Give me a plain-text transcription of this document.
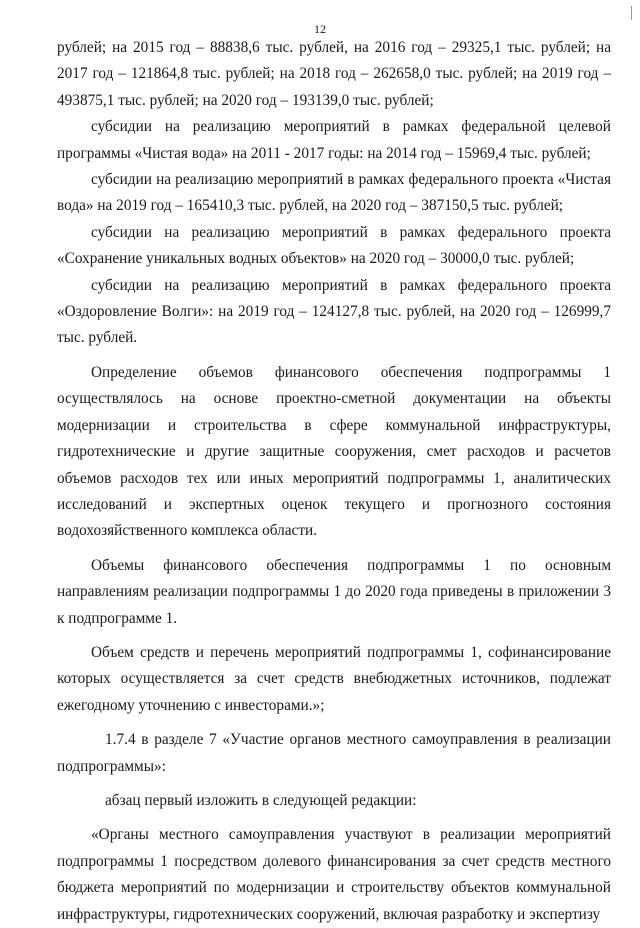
12

рублей; на 2015 год – 88838,6 тыс. рублей, на 2016 год – 29325,1 тыс. рублей; на 2017 год – 121864,8 тыс. рублей; на 2018 год – 262658,0 тыс. рублей; на 2019 год – 493875,1 тыс. рублей; на 2020 год – 193139,0 тыс. рублей;

субсидии на реализацию мероприятий в рамках федеральной целевой программы «Чистая вода» на 2011 - 2017 годы: на 2014 год – 15969,4 тыс. рублей;

субсидии на реализацию мероприятий в рамках федерального проекта «Чистая вода» на 2019 год – 165410,3 тыс. рублей, на 2020 год – 387150,5 тыс. рублей;

субсидии на реализацию мероприятий в рамках федерального проекта «Сохранение уникальных водных объектов» на 2020 год – 30000,0 тыс. рублей;

субсидии на реализацию мероприятий в рамках федерального проекта «Оздоровление Волги»: на 2019 год – 124127,8 тыс. рублей, на 2020 год – 126999,7 тыс. рублей.

Определение объемов финансового обеспечения подпрограммы 1 осуществлялось на основе проектно-сметной документации на объекты модернизации и строительства в сфере коммунальной инфраструктуры, гидротехнические и другие защитные сооружения, смет расходов и расчетов объемов расходов тех или иных мероприятий подпрограммы 1, аналитических исследований и экспертных оценок текущего и прогнозного состояния водохозяйственного комплекса области.

Объемы финансового обеспечения подпрограммы 1 по основным направлениям реализации подпрограммы 1 до 2020 года приведены в приложении 3 к подпрограмме 1.

Объем средств и перечень мероприятий подпрограммы 1, софинансирование которых осуществляется за счет средств внебюджетных источников, подлежат ежегодному уточнению с инвесторами.»;

1.7.4 в разделе 7 «Участие органов местного самоуправления в реализации подпрограммы»:

абзац первый изложить в следующей редакции:

«Органы местного самоуправления участвуют в реализации мероприятий подпрограммы 1 посредством долевого финансирования за счет средств местного бюджета мероприятий по модернизации и строительству объектов коммунальной инфраструктуры, гидротехнических сооружений, включая разработку и экспертизу
